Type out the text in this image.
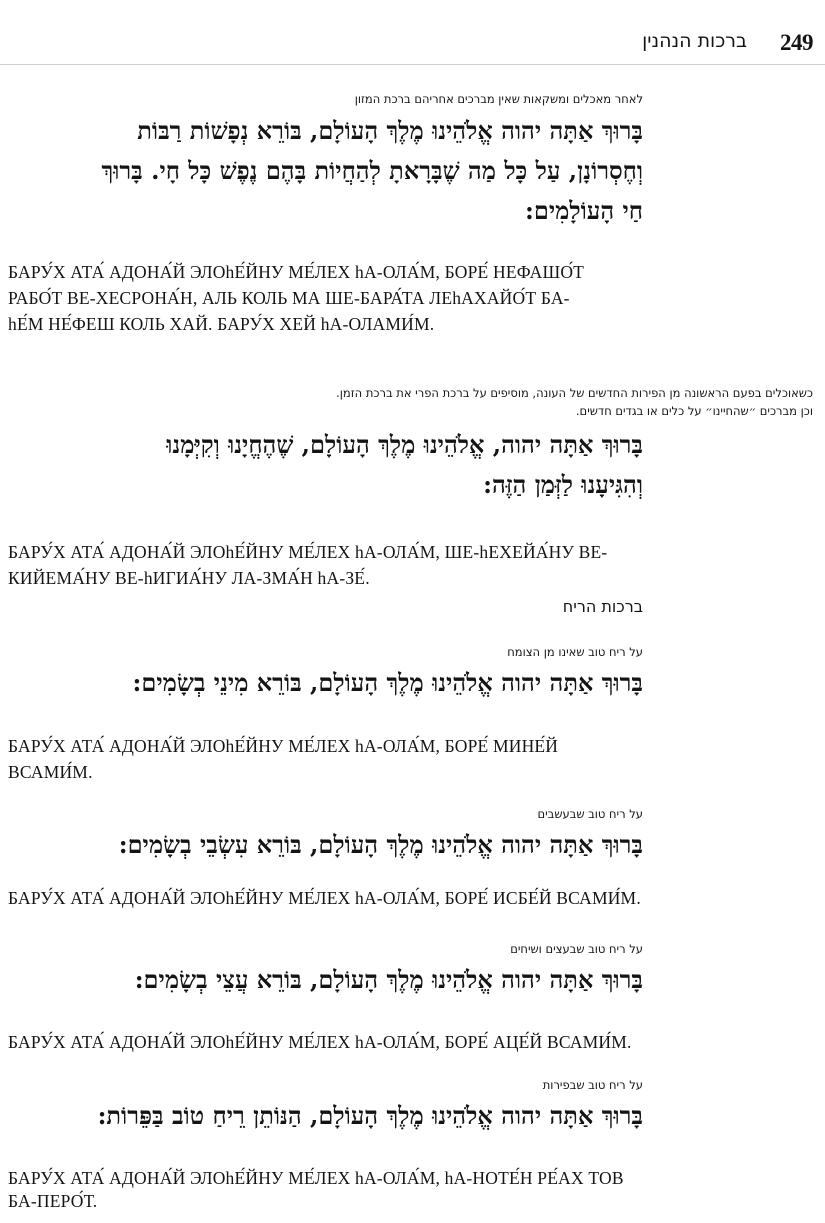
249
ברכות הנהנין
לאחר מאכלים ומשקאות שאין מברכים אחריהם ברכת המזון
בָּרוּךְ אַתָּה יהוה אֱלֹהֵינוּ מֶלֶךְ הָעוֹלָם, בּוֹרֵא נְפָשׁוֹת רַבּוֹת
וְחֶסְרוֹנָן, עַל כָּל מַה שֶׁבָּרָאתָ לְהַחֲיוֹת בָּהֶם נֶפֶשׁ כָּל חָי. בָּרוּךְ
חַי הָעוֹלָמִים:
БАРУ́Х АТА́ АДОНА́Й ЭЛОhЕ́ЙНУ МЕ́ЛЕХ hА-ОЛА́М, БОРЕ́ НЕФАШО́Т
РАБО́Т ВЕ-ХЕСРОНА́Н, АЛЬ КОЛЬ МА ШЕ-БАРА́ТА ЛЕhАХАЙО́Т БА-
hЕ́М НЕ́ФЕШ КОЛЬ ХАЙ. БАРУ́Х ХЕЙ hА-ОЛАМИ́М.
כשאוכלים בפעם הראשונה מן הפירות החדשים של העונה, מוסיפים על ברכת הפרי את ברכת הזמן.
וכן מברכים ״שהחיינו״ על כלים או בגדים חדשים.
בָּרוּךְ אַתָּה יהוה, אֱלֹהֵינוּ מֶלֶךְ הָעוֹלָם, שֶׁהֶחֱיָנוּ וְקִיְּמָנוּ
וְהִגִּיעָנוּ לַזְּמַן הַזֶּה:
БАРУ́Х АТА́ АДОНА́Й ЭЛОhЕ́ЙНУ МЕ́ЛЕХ hА-ОЛА́М, ШЕ-hЕХЕЙА́НУ ВЕ-
КИЙЕМА́НУ ВЕ-hИГИА́НУ ЛА-ЗМА́Н hА-ЗЕ́.
ברכות הריח
על ריח טוב שאינו מן הצומח
בָּרוּךְ אַתָּה יהוה אֱלֹהֵינוּ מֶלֶךְ הָעוֹלָם, בּוֹרֵא מִינֵי בְשָׂמִים:
БАРУ́Х АТА́ АДОНА́Й ЭЛОhЕ́ЙНУ МЕ́ЛЕХ hА-ОЛА́М, БОРЕ́ МИНЕ́Й
ВСАМИ́М.
על ריח טוב שבעשבים
בָּרוּךְ אַתָּה יהוה אֱלֹהֵינוּ מֶלֶךְ הָעוֹלָם, בּוֹרֵא עִשְׂבֵי בְשָׂמִים:
БАРУ́Х АТА́ АДОНА́Й ЭЛОhЕ́ЙНУ МЕ́ЛЕХ hА-ОЛА́М, БОРЕ́ ИСБЕ́Й ВСАМИ́М.
על ריח טוב שבעצים ושיחים
בָּרוּךְ אַתָּה יהוה אֱלֹהֵינוּ מֶלֶךְ הָעוֹלָם, בּוֹרֵא עֲצֵי בְשָׂמִים:
БАРУ́Х АТА́ АДОНА́Й ЭЛОhЕ́ЙНУ МЕ́ЛЕХ hА-ОЛА́М, БОРЕ́ АЦЕ́Й ВСАМИ́М.
על ריח טוב שבפירות
בָּרוּךְ אַתָּה יהוה אֱלֹהֵינוּ מֶלֶךְ הָעוֹלָם, הַנּוֹתֵן רֵיחַ טוֹב בַּפֵּרוֹת:
БАРУ́Х АТА́ АДОНА́Й ЭЛОhЕ́ЙНУ МЕ́ЛЕХ hА-ОЛА́М, hА-НОТЕ́Н РЕ́АХ ТОВ
БА-ПЕРО́Т.
